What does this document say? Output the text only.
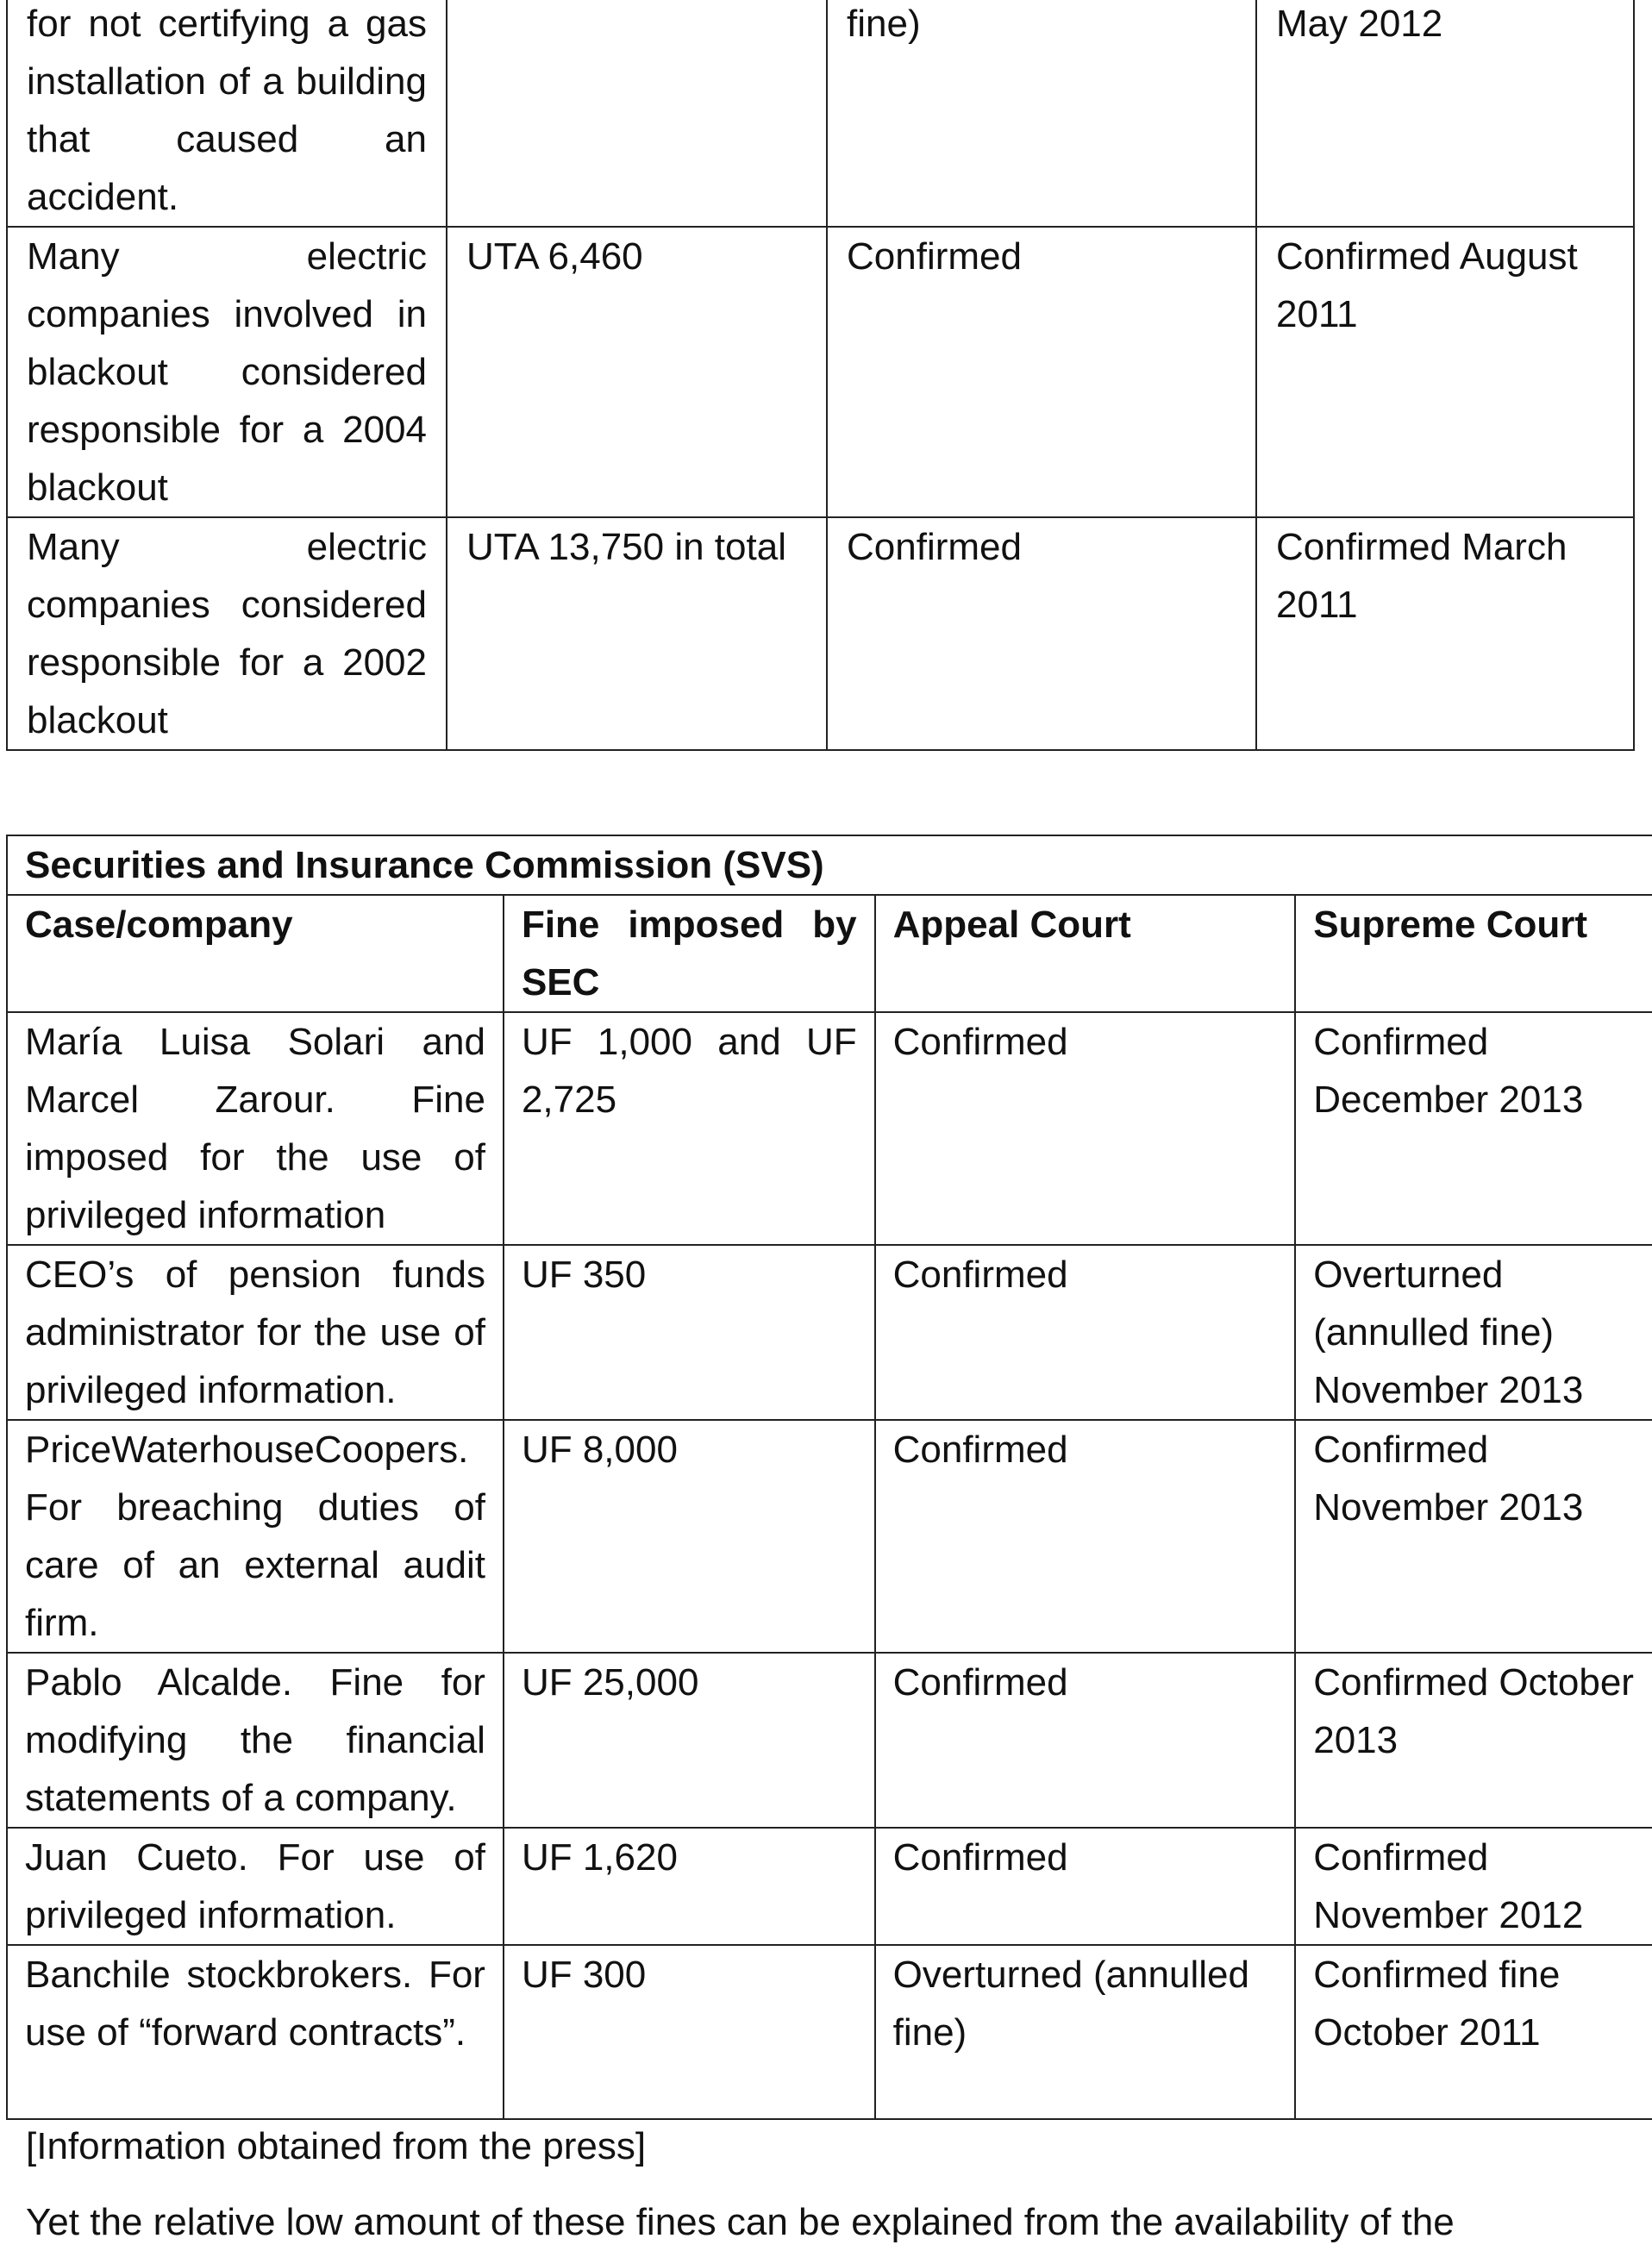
for not certifying a gas installation of a building that caused an accident.		fine)	May 2012
Many electric companies involved in blackout considered responsible for a 2004 blackout	UTA 6,460	Confirmed	Confirmed August 2011
Many electric companies considered responsible for a 2002 blackout	UTA 13,750 in total	Confirmed	Confirmed March 2011
Securities and Insurance Commission (SVS)			
Case/company	Fine imposed by SEC	Appeal Court	Supreme Court
María Luisa Solari and Marcel Zarour. Fine imposed for the use of privileged information	UF 1,000 and UF 2,725	Confirmed	Confirmed December 2013
CEO’s of pension funds administrator for the use of privileged information.	UF 350	Confirmed	Overturned (annulled fine) November 2013
PriceWaterhouseCoopers. For breaching duties of care of an external audit firm.	UF 8,000	Confirmed	Confirmed November 2013
Pablo Alcalde. Fine for modifying the financial statements of a company.	UF 25,000	Confirmed	Confirmed October 2013
Juan Cueto. For use of privileged information.	UF 1,620	Confirmed	Confirmed November 2012
Banchile stockbrokers. For use of “forward contracts”.	UF 300	Overturned (annulled fine)	Confirmed fine October 2011
[Information obtained from the press]
Yet the relative low amount of these fines can be explained from the availability of the
